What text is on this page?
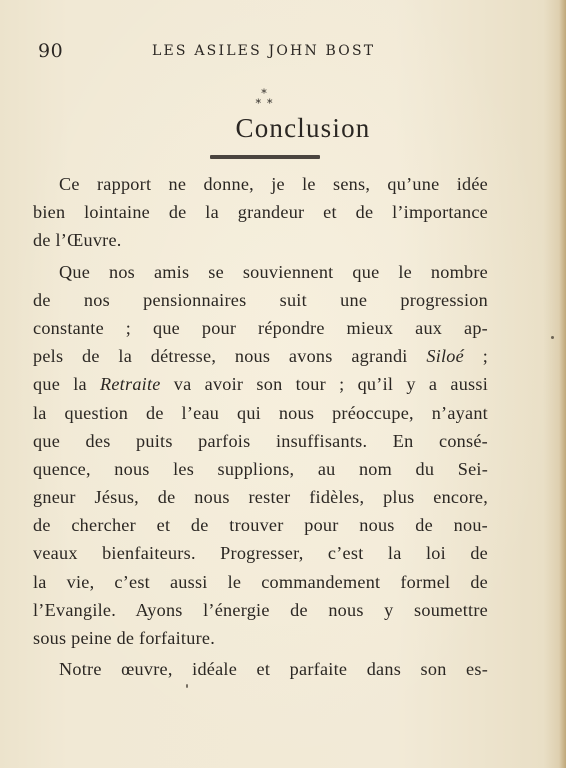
90	LES ASILES JOHN BOST
*
* *
Conclusion
Ce rapport ne donne, je le sens, qu’une idée
bien lointaine de la grandeur et de l’importance
de l’Œuvre.
Que nos amis se souviennent que le nombre
de nos pensionnaires suit une progression
constante ; que pour répondre mieux aux ap-
pels de la détresse, nous avons agrandi Siloé ;
que la Retraite va avoir son tour ; qu’il y a aussi
la question de l’eau qui nous préoccupe, n’ayant
que des puits parfois insuffisants. En consé-
quence, nous les supplions, au nom du Sei-
gneur Jésus, de nous rester fidèles, plus encore,
de chercher et de trouver pour nous de nou-
veaux bienfaiteurs. Progresser, c’est la loi de
la vie, c’est aussi le commandement formel de
l’Evangile. Ayons l’énergie de nous y soumettre
sous peine de forfaiture.
Notre œuvre, idéale et parfaite dans son es-
